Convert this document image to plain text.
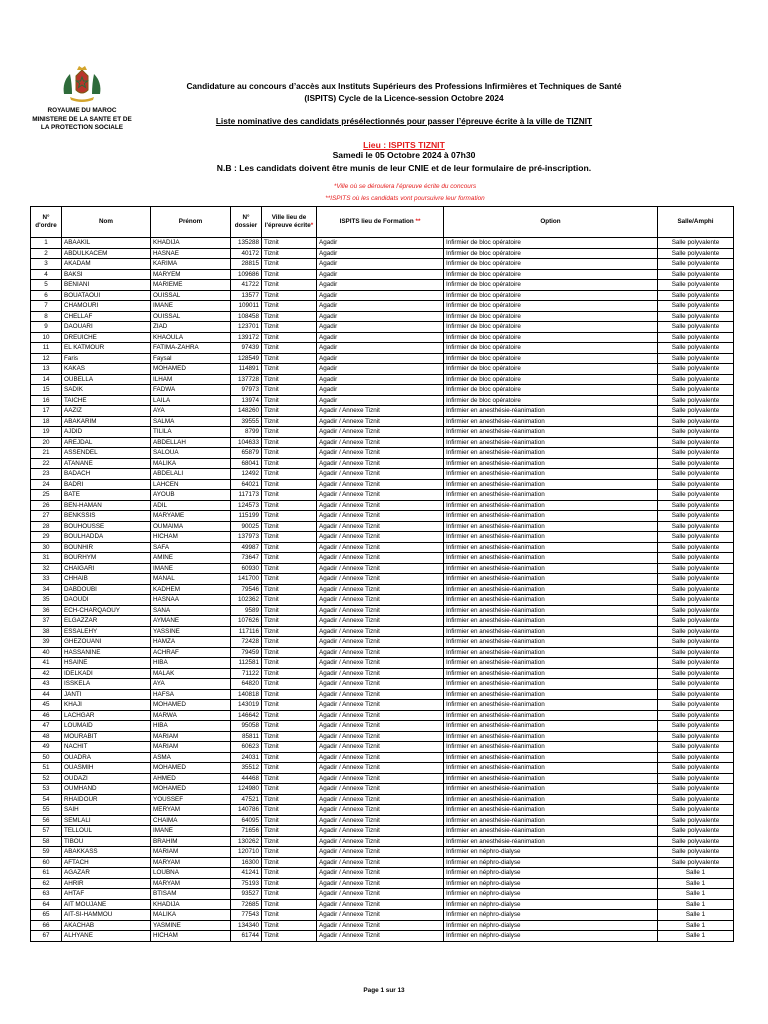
ROYAUME DU MAROC
MINISTERE DE LA SANTE ET DE
LA PROTECTION SOCIALE
Candidature au concours d’accès aux Instituts Supérieurs des Professions Infirmières et Techniques de Santé
(ISPITS) Cycle de la Licence-session Octobre 2024
Liste nominative des candidats présélectionnés pour passer l’épreuve écrite à la ville de TIZNIT
Lieu : ISPITS TIZNIT
Samedi le 05 Octobre 2024 à 07h30
N.B : Les candidats doivent être munis de leur CNIE et de leur formulaire de pré-inscription.
*Ville où se déroulera l’épreuve écrite du concours
**ISPITS où les candidats vont poursuivre leur formation
N° d'ordre	Nom	Prénom	N° dossier	Ville lieu de l'épreuve écrite*	ISPITS lieu de Formation **	Option	Salle/Amphi
1	ABAAKIL	KHADIJA	135288	Tiznit	Agadir	Infirmier de bloc opératoire	Salle polyvalente
2	ABDULKACEM	HASNAE	40172	Tiznit	Agadir	Infirmier de bloc opératoire	Salle polyvalente
3	AKADAM	KARIMA	28815	Tiznit	Agadir	Infirmier de bloc opératoire	Salle polyvalente
4	BAKSI	MARYEM	109686	Tiznit	Agadir	Infirmier de bloc opératoire	Salle polyvalente
5	BENIANI	MARIEME	41722	Tiznit	Agadir	Infirmier de bloc opératoire	Salle polyvalente
6	BOUATAOUI	OUISSAL	13577	Tiznit	Agadir	Infirmier de bloc opératoire	Salle polyvalente
7	CHAMOURI	IMANE	109011	Tiznit	Agadir	Infirmier de bloc opératoire	Salle polyvalente
8	CHELLAF	OUISSAL	108458	Tiznit	Agadir	Infirmier de bloc opératoire	Salle polyvalente
9	DAOUARI	ZIAD	123701	Tiznit	Agadir	Infirmier de bloc opératoire	Salle polyvalente
10	DREUICHE	KHAOULA	139172	Tiznit	Agadir	Infirmier de bloc opératoire	Salle polyvalente
11	EL KATMOUR	FATIMA-ZAHRA	97439	Tiznit	Agadir	Infirmier de bloc opératoire	Salle polyvalente
12	Faris	Faysal	128549	Tiznit	Agadir	Infirmier de bloc opératoire	Salle polyvalente
13	KAKAS	MOHAMED	114891	Tiznit	Agadir	Infirmier de bloc opératoire	Salle polyvalente
14	OUBELLA	ILHAM	137728	Tiznit	Agadir	Infirmier de bloc opératoire	Salle polyvalente
15	SADIK	FADWA	97973	Tiznit	Agadir	Infirmier de bloc opératoire	Salle polyvalente
16	TAICHE	LAILA	13974	Tiznit	Agadir	Infirmier de bloc opératoire	Salle polyvalente
17	AAZIZ	AYA	148260	Tiznit	Agadir / Annexe Tiznit	Infirmier en anesthésie-réanimation	Salle polyvalente
18	ABAKARIM	SALMA	39555	Tiznit	Agadir / Annexe Tiznit	Infirmier en anesthésie-réanimation	Salle polyvalente
19	AJDID	TILILA	8799	Tiznit	Agadir / Annexe Tiznit	Infirmier en anesthésie-réanimation	Salle polyvalente
20	AREJDAL	ABDELLAH	104633	Tiznit	Agadir / Annexe Tiznit	Infirmier en anesthésie-réanimation	Salle polyvalente
21	ASSENDEL	SALOUA	65879	Tiznit	Agadir / Annexe Tiznit	Infirmier en anesthésie-réanimation	Salle polyvalente
22	ATANANE	MALIKA	68041	Tiznit	Agadir / Annexe Tiznit	Infirmier en anesthésie-réanimation	Salle polyvalente
23	BADACH	ABDELALI	12492	Tiznit	Agadir / Annexe Tiznit	Infirmier en anesthésie-réanimation	Salle polyvalente
24	BADRI	LAHCEN	64021	Tiznit	Agadir / Annexe Tiznit	Infirmier en anesthésie-réanimation	Salle polyvalente
25	BATE	AYOUB	117173	Tiznit	Agadir / Annexe Tiznit	Infirmier en anesthésie-réanimation	Salle polyvalente
26	BEN-HAMAN	ADIL	124573	Tiznit	Agadir / Annexe Tiznit	Infirmier en anesthésie-réanimation	Salle polyvalente
27	BENKSSIS	MARYAME	115199	Tiznit	Agadir / Annexe Tiznit	Infirmier en anesthésie-réanimation	Salle polyvalente
28	BOUHOUSSE	OUMAIMA	90025	Tiznit	Agadir / Annexe Tiznit	Infirmier en anesthésie-réanimation	Salle polyvalente
29	BOULHADDA	HICHAM	137973	Tiznit	Agadir / Annexe Tiznit	Infirmier en anesthésie-réanimation	Salle polyvalente
30	BOUNHIR	SAFA	49987	Tiznit	Agadir / Annexe Tiznit	Infirmier en anesthésie-réanimation	Salle polyvalente
31	BOURHYM	AMINE	73647	Tiznit	Agadir / Annexe Tiznit	Infirmier en anesthésie-réanimation	Salle polyvalente
32	CHAIGARI	IMANE	60930	Tiznit	Agadir / Annexe Tiznit	Infirmier en anesthésie-réanimation	Salle polyvalente
33	CHHAIB	MANAL	141700	Tiznit	Agadir / Annexe Tiznit	Infirmier en anesthésie-réanimation	Salle polyvalente
34	DABDOUBI	KADHEM	79546	Tiznit	Agadir / Annexe Tiznit	Infirmier en anesthésie-réanimation	Salle polyvalente
35	DAOUDI	HASNAA	102362	Tiznit	Agadir / Annexe Tiznit	Infirmier en anesthésie-réanimation	Salle polyvalente
36	ECH-CHARQAOUY	SANA	9589	Tiznit	Agadir / Annexe Tiznit	Infirmier en anesthésie-réanimation	Salle polyvalente
37	ELGAZZAR	AYMANE	107626	Tiznit	Agadir / Annexe Tiznit	Infirmier en anesthésie-réanimation	Salle polyvalente
38	ESSALEHY	YASSINE	117116	Tiznit	Agadir / Annexe Tiznit	Infirmier en anesthésie-réanimation	Salle polyvalente
39	GHEZOUANI	HAMZA	72428	Tiznit	Agadir / Annexe Tiznit	Infirmier en anesthésie-réanimation	Salle polyvalente
40	HASSANINE	ACHRAF	79459	Tiznit	Agadir / Annexe Tiznit	Infirmier en anesthésie-réanimation	Salle polyvalente
41	HSAINE	HIBA	112581	Tiznit	Agadir / Annexe Tiznit	Infirmier en anesthésie-réanimation	Salle polyvalente
42	IDELKADI	MALAK	71122	Tiznit	Agadir / Annexe Tiznit	Infirmier en anesthésie-réanimation	Salle polyvalente
43	ISSKELA	AYA	64820	Tiznit	Agadir / Annexe Tiznit	Infirmier en anesthésie-réanimation	Salle polyvalente
44	JANTI	HAFSA	140818	Tiznit	Agadir / Annexe Tiznit	Infirmier en anesthésie-réanimation	Salle polyvalente
45	KHAJI	MOHAMED	143019	Tiznit	Agadir / Annexe Tiznit	Infirmier en anesthésie-réanimation	Salle polyvalente
46	LACHGAR	MARWA	146642	Tiznit	Agadir / Annexe Tiznit	Infirmier en anesthésie-réanimation	Salle polyvalente
47	LOUMAID	HIBA	95058	Tiznit	Agadir / Annexe Tiznit	Infirmier en anesthésie-réanimation	Salle polyvalente
48	MOURABIT	MARIAM	85811	Tiznit	Agadir / Annexe Tiznit	Infirmier en anesthésie-réanimation	Salle polyvalente
49	NACHIT	MARIAM	60623	Tiznit	Agadir / Annexe Tiznit	Infirmier en anesthésie-réanimation	Salle polyvalente
50	OUADRA	ASMA	24031	Tiznit	Agadir / Annexe Tiznit	Infirmier en anesthésie-réanimation	Salle polyvalente
51	OUASMIH	MOHAMED	35512	Tiznit	Agadir / Annexe Tiznit	Infirmier en anesthésie-réanimation	Salle polyvalente
52	OUDAZI	AHMED	44468	Tiznit	Agadir / Annexe Tiznit	Infirmier en anesthésie-réanimation	Salle polyvalente
53	OUMHAND	MOHAMED	124980	Tiznit	Agadir / Annexe Tiznit	Infirmier en anesthésie-réanimation	Salle polyvalente
54	RHAIDOUR	YOUSSEF	47521	Tiznit	Agadir / Annexe Tiznit	Infirmier en anesthésie-réanimation	Salle polyvalente
55	SAIH	MERYAM	140786	Tiznit	Agadir / Annexe Tiznit	Infirmier en anesthésie-réanimation	Salle polyvalente
56	SEMLALI	CHAIMA	64095	Tiznit	Agadir / Annexe Tiznit	Infirmier en anesthésie-réanimation	Salle polyvalente
57	TELLOUL	IMANE	71656	Tiznit	Agadir / Annexe Tiznit	Infirmier en anesthésie-réanimation	Salle polyvalente
58	TIBOU	BRAHIM	130262	Tiznit	Agadir / Annexe Tiznit	Infirmier en anesthésie-réanimation	Salle polyvalente
59	ABAKKASS	MARIAM	120710	Tiznit	Agadir / Annexe Tiznit	Infirmier en néphro-dialyse	Salle polyvalente
60	AFTACH	MARYAM	16300	Tiznit	Agadir / Annexe Tiznit	Infirmier en néphro-dialyse	Salle polyvalente
61	AGAZAR	LOUBNA	41241	Tiznit	Agadir / Annexe Tiznit	Infirmier en néphro-dialyse	Salle 1
62	AHRIR	MARYAM	75193	Tiznit	Agadir / Annexe Tiznit	Infirmier en néphro-dialyse	Salle 1
63	AHTAF	BTISAM	93527	Tiznit	Agadir / Annexe Tiznit	Infirmier en néphro-dialyse	Salle 1
64	AIT MOUJANE	KHADIJA	72685	Tiznit	Agadir / Annexe Tiznit	Infirmier en néphro-dialyse	Salle 1
65	AIT-SI-HAMMOU	MALIKA	77543	Tiznit	Agadir / Annexe Tiznit	Infirmier en néphro-dialyse	Salle 1
66	AKACHAB	YASMINE	134340	Tiznit	Agadir / Annexe Tiznit	Infirmier en néphro-dialyse	Salle 1
67	ALHYANE	HICHAM	61744	Tiznit	Agadir / Annexe Tiznit	Infirmier en néphro-dialyse	Salle 1
Page 1 sur 13
